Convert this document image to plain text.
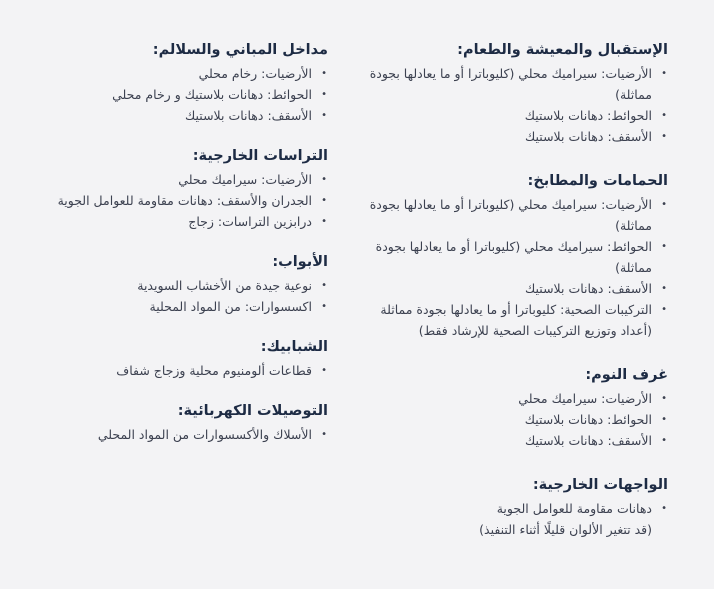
الإستقبال والمعيشة والطعام:
•
الأرضيات: سيراميك محلي (كليوباترا أو ما يعادلها بجودة مماثلة)
•
الحوائط: دهانات بلاستيك
•
الأسقف: دهانات بلاستيك
الحمامات والمطابخ:
•
الأرضيات: سيراميك محلي (كليوباترا أو ما يعادلها بجودة مماثلة)
•
الحوائط: سيراميك محلي (كليوباترا أو ما يعادلها بجودة مماثلة)
•
الأسقف: دهانات بلاستيك
•
التركيبات الصحية: كليوباترا أو ما يعادلها بجودة مماثلة
(أعداد وتوزيع التركيبات الصحية للإرشاد فقط)
غرف النوم:
•
الأرضيات: سيراميك محلي
•
الحوائط: دهانات بلاستيك
•
الأسقف: دهانات بلاستيك
الواجهات الخارجية:
•
دهانات مقاومة للعوامل الجوية
(قد تتغير الألوان قليلًا أثناء التنفيذ)
مداخل المباني والسلالم:
•
الأرضيات: رخام محلي
•
الحوائط: دهانات بلاستيك و رخام محلي
•
الأسقف: دهانات بلاستيك
التراسات الخارجية:
•
الأرضيات: سيراميك محلي
•
الجدران والأسقف: دهانات مقاومة للعوامل الجوية
•
درابزين التراسات: زجاج
الأبواب:
•
نوعية جيدة من الأخشاب السويدية
•
اكسسوارات: من المواد المحلية
الشبابيك:
•
قطاعات ألومنيوم محلية وزجاج شفاف
التوصيلات الكهربائية:
•
الأسلاك والأكسسوارات من المواد المحلي
